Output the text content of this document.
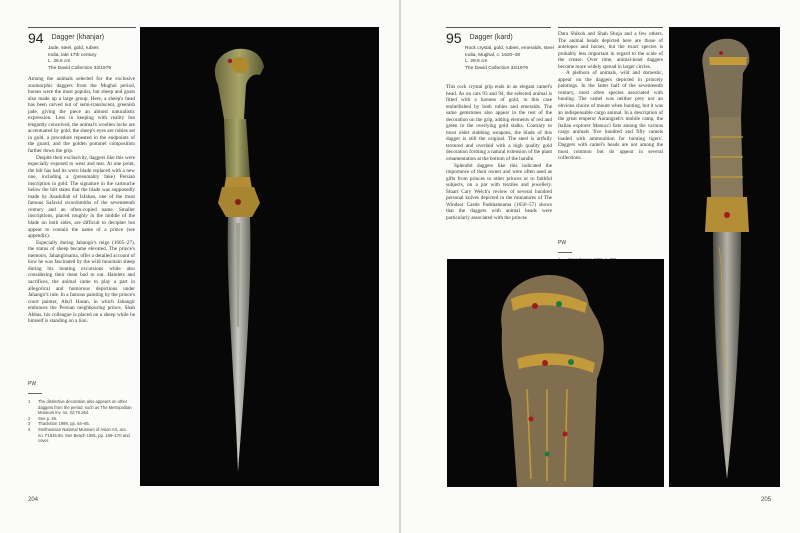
94 Dagger (khanjar)
Jade, steel, gold, rubies
India, late 17th century
L. 36.6 cm
The David Collection 33/1979

Among the animals selected for the exclusive zoomorphic daggers from the Mughal period, horses were the most popular, but sheep and goats also made up a large group. Here, a sheep's head has been carved out of semi-translucent, greenish jade, giving the piece an almost naturalistic expression. Less in keeping with reality but elegantly conceived, the animal's woollen locks are accentuated by gold, the sheep's eyes are rubies set in gold, a procedure repeated in the endpoints of the guard, and the golden pommel composition farther down the grip.

Despite their exclusivity, daggers like this were especially exposed to wear and tear. At one point, the hilt has had its worn blade replaced with a new one, including a (presumably fake) Persian inscription in gold. The signature in the cartouche below the hilt states that the blade was supposedly made by Asadullah of Isfahan, one of the most famous Safavid swordsmiths of the seventeenth century and an often-copied name. Smaller inscriptions, placed roughly in the middle of the blade on both sides, are difficult to decipher but appear to contain the name of a prince (see appendix).

Especially during Jahangir's reign (1605–27), the status of sheep became elevated. The prince's memoirs, Jahangirnama, offer a detailed account of how he was fascinated by the wild mountain sheep during his hunting excursions while also considering their meat bad to eat. Hamlets and sacrifices, the animal came to play a part in allegorical and humorous depictions under Jahangir's rule. In a famous painting by the prince's court painter, Abu'l Hasan, in which Jahangir embraces the Persian neighbouring prince, Shah Abbas, his colleague is placed on a sheep while he himself is standing on a lion.

PW
1	The distinctive decoration also appears on other daggers from the period, such as The Metropolitan Museum inv. no. 32.75.264.
2	See p. 46.
3	Thackston 1999, pp. 64–65.
4	Smithsonian National Museum of Asian Art, acc. no. F1945.9a. See Beach 1981, pp. 169–170 and cover.
204
95 Dagger (kard)
Rock crystal, gold, rubies, emeralds, steel
India, Mughal, c. 1620–30
L. 29.8 cm
The David Collection 32/1979

This rock crystal grip ends in an elegant camel's head. As on cats 93 and 94, the selected animal is fitted with a harness of gold, in this case embellished by both rubies and emeralds. The same gemstones also appear in the rest of the decoration on the grip, adding elements of red and green to the overlying gold stalks. Contrary to most older stabbing weapons, the blade of this dagger is still the original. The steel is artfully textured and overlaid with a high quality gold decoration forming a natural extension of the plant ornamentation at the bottom of the handle.

Splendid daggers like this indicated the importance of their owner and were often used as gifts from princes to other princes or to faithful subjects, on a par with textiles and jewellery. Stuart Cary Welch's review of several hundred personal knives depicted in the miniatures of The Windsor Castle Padshahnama (1656–57) shows that the daggers with animal heads were particularly associated with the princes

Dara Shikoh and Shah Shuja and a few others. The animal heads depicted here are those of antelopes and horses, but the exact species is probably less important in regard to the scale of the crease. Over time, animal-head daggers become more widely spread in larger circles.

A plethora of animals, wild and domestic, appear on the daggers depicted in princely paintings. In the latter half of the seventeenth century, most often species associated with hunting. The camel was neither prey nor an obvious choice of mount when hunting, but it was an indispensable cargo animal. In a description of the great emperor Aurangzeb's mobile camp, the Italian explorer Manucci lists among the various cargo animals 'five hundred and fifty camels loaded with ammunition for hunting tigers'. Daggers with camel's heads are not among the most common but do appear in several collections.

PW
205
